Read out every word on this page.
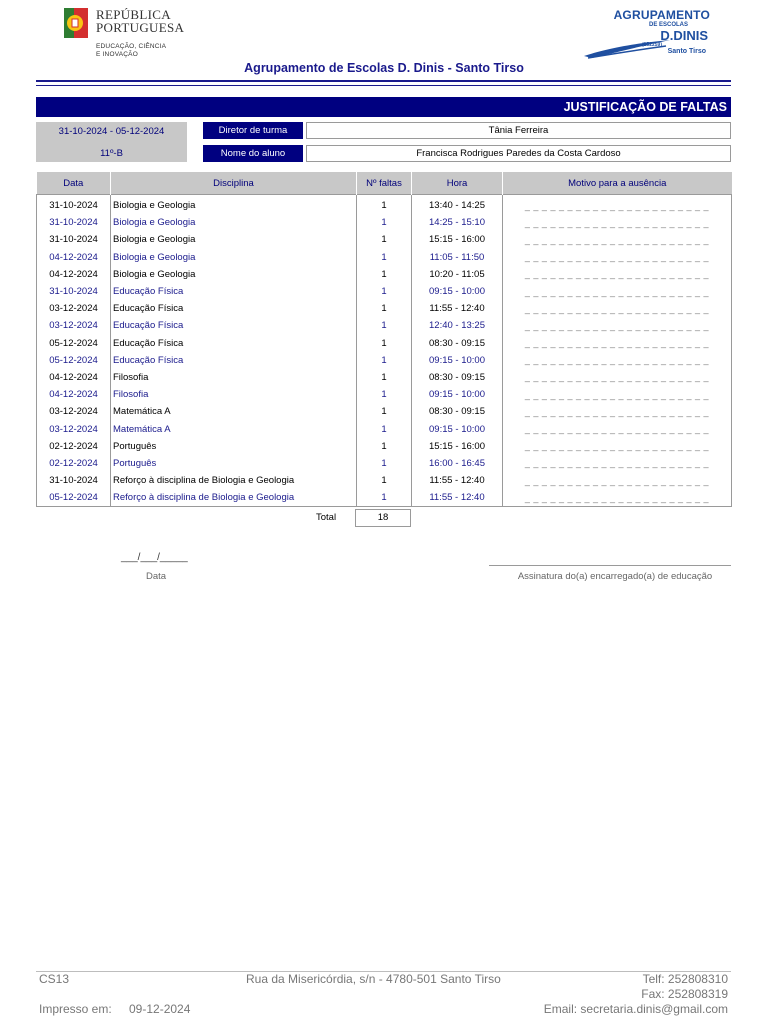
REPÚBLICA
PORTUGUESA
EDUCAÇÃO, CIÊNCIA
E INOVAÇÃO
AGRUPAMENTO
DE ESCOLAS
D.DINIS
(152259)
Santo Tirso
Agrupamento de Escolas D. Dinis - Santo Tirso
JUSTIFICAÇÃO DE FALTAS
31-10-2024 - 05-12-2024
11º-B
Diretor de turma	Tânia Ferreira
Nome do aluno	Francisca Rodrigues Paredes da Costa Cardoso
Data	Disciplina	Nº faltas	Hora	Motivo para a ausência
31-10-2024	Biologia e Geologia	1	13:40 - 14:25	_ _ _ _ _ _ _ _ _ _ _ _ _ _ _ _ _ _ _ _ _ _
31-10-2024	Biologia e Geologia	1	14:25 - 15:10	_ _ _ _ _ _ _ _ _ _ _ _ _ _ _ _ _ _ _ _ _ _
31-10-2024	Biologia e Geologia	1	15:15 - 16:00	_ _ _ _ _ _ _ _ _ _ _ _ _ _ _ _ _ _ _ _ _ _
04-12-2024	Biologia e Geologia	1	11:05 - 11:50	_ _ _ _ _ _ _ _ _ _ _ _ _ _ _ _ _ _ _ _ _ _
04-12-2024	Biologia e Geologia	1	10:20 - 11:05	_ _ _ _ _ _ _ _ _ _ _ _ _ _ _ _ _ _ _ _ _ _
31-10-2024	Educação Física	1	09:15 - 10:00	_ _ _ _ _ _ _ _ _ _ _ _ _ _ _ _ _ _ _ _ _ _
03-12-2024	Educação Física	1	11:55 - 12:40	_ _ _ _ _ _ _ _ _ _ _ _ _ _ _ _ _ _ _ _ _ _
03-12-2024	Educação Física	1	12:40 - 13:25	_ _ _ _ _ _ _ _ _ _ _ _ _ _ _ _ _ _ _ _ _ _
05-12-2024	Educação Física	1	08:30 - 09:15	_ _ _ _ _ _ _ _ _ _ _ _ _ _ _ _ _ _ _ _ _ _
05-12-2024	Educação Física	1	09:15 - 10:00	_ _ _ _ _ _ _ _ _ _ _ _ _ _ _ _ _ _ _ _ _ _
04-12-2024	Filosofia	1	08:30 - 09:15	_ _ _ _ _ _ _ _ _ _ _ _ _ _ _ _ _ _ _ _ _ _
04-12-2024	Filosofia	1	09:15 - 10:00	_ _ _ _ _ _ _ _ _ _ _ _ _ _ _ _ _ _ _ _ _ _
03-12-2024	Matemática A	1	08:30 - 09:15	_ _ _ _ _ _ _ _ _ _ _ _ _ _ _ _ _ _ _ _ _ _
03-12-2024	Matemática A	1	09:15 - 10:00	_ _ _ _ _ _ _ _ _ _ _ _ _ _ _ _ _ _ _ _ _ _
02-12-2024	Português	1	15:15 - 16:00	_ _ _ _ _ _ _ _ _ _ _ _ _ _ _ _ _ _ _ _ _ _
02-12-2024	Português	1	16:00 - 16:45	_ _ _ _ _ _ _ _ _ _ _ _ _ _ _ _ _ _ _ _ _ _
31-10-2024	Reforço à disciplina de Biologia e Geologia	1	11:55 - 12:40	_ _ _ _ _ _ _ _ _ _ _ _ _ _ _ _ _ _ _ _ _ _
05-12-2024	Reforço à disciplina de Biologia e Geologia	1	11:55 - 12:40	_ _ _ _ _ _ _ _ _ _ _ _ _ _ _ _ _ _ _ _ _ _
Total	18
___/___/_____
Data	Assinatura do(a) encarregado(a) de educação
CS13	Rua da Misericórdia, s/n - 4780-501 Santo Tirso	Telf: 252808310
Fax: 252808319
Impresso em: 09-12-2024	Email: secretaria.dinis@gmail.com
